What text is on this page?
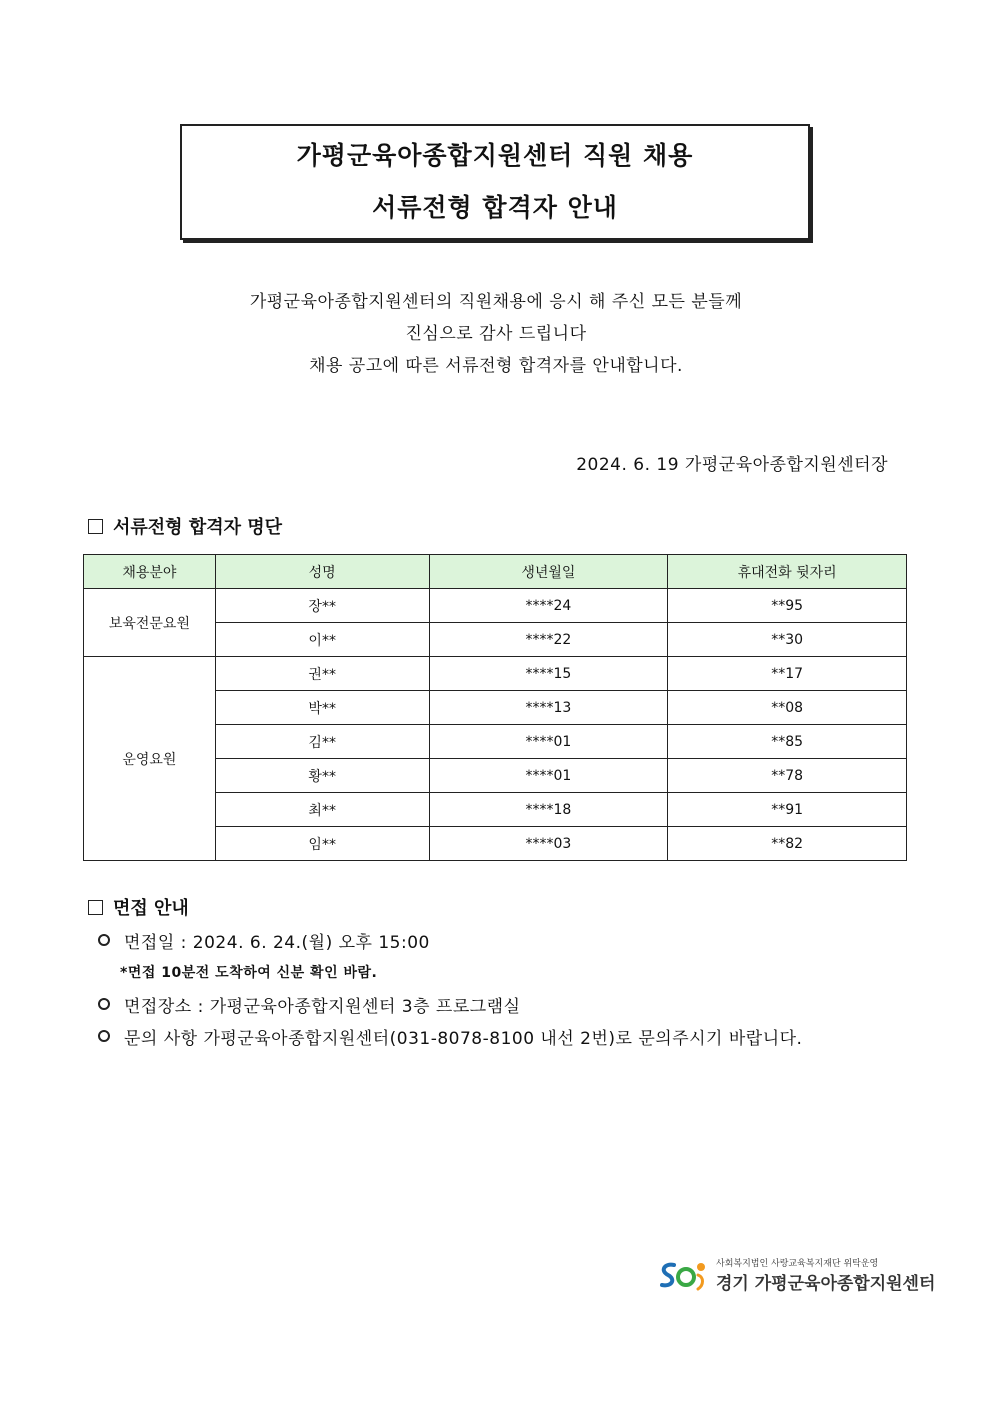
가평군육아종합지원센터 직원 채용
서류전형 합격자 안내
가평군육아종합지원센터의 직원채용에 응시 해 주신 모든 분들께
진심으로 감사 드립니다
채용 공고에 따른 서류전형 합격자를 안내합니다.
2024. 6. 19 가평군육아종합지원센터장
서류전형 합격자 명단
채용분야	성명	생년월일	휴대전화 뒷자리
보육전문요원	장**	****24	**95
	이**	****22	**30
운영요원	권**	****15	**17
	박**	****13	**08
	김**	****01	**85
	황**	****01	**78
	최**	****18	**91
	임**	****03	**82
면접 안내
면접일 : 2024. 6. 24.(월) 오후 15:00
*면접 10분전 도착하여 신분 확인 바람.
면접장소 : 가평군육아종합지원센터 3층 프로그램실
문의 사항 가평군육아종합지원센터(031-8078-8100 내선 2번)로 문의주시기 바랍니다.
사회복지법인 사랑교육복지재단 위탁운영
경기 가평군육아종합지원센터
